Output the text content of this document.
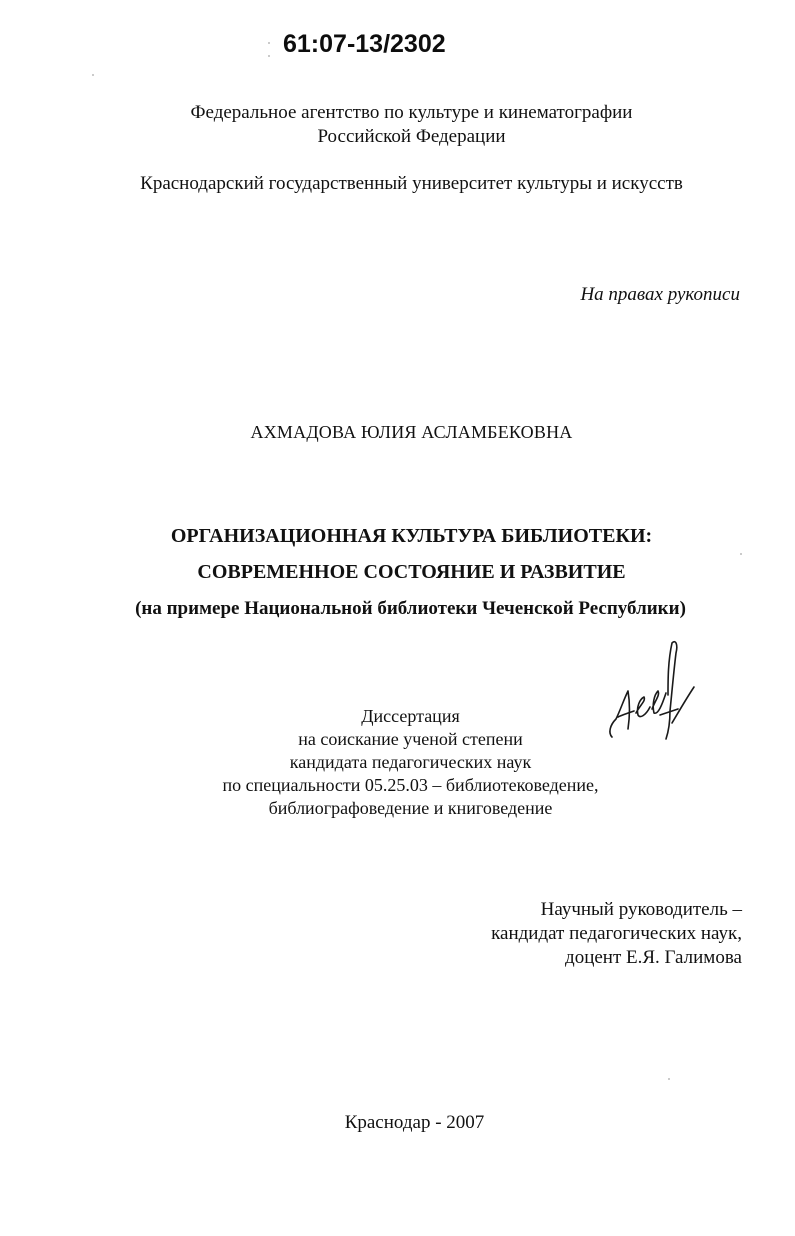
61:07-13/2302
Федеральное агентство по культуре и кинематографии
Российской Федерации
Краснодарский государственный университет культуры и искусств
На правах рукописи
АХМАДОВА ЮЛИЯ АСЛАМБЕКОВНА
ОРГАНИЗАЦИОННАЯ КУЛЬТУРА БИБЛИОТЕКИ:
СОВРЕМЕННОЕ СОСТОЯНИЕ И РАЗВИТИЕ
(на примере Национальной библиотеки Чеченской Республики)
Диссертация
на соискание ученой степени
кандидата педагогических наук
по специальности 05.25.03 – библиотековедение,
библиографоведение и книговедение
Научный руководитель –
кандидат педагогических наук,
доцент Е.Я. Галимова
Краснодар - 2007
